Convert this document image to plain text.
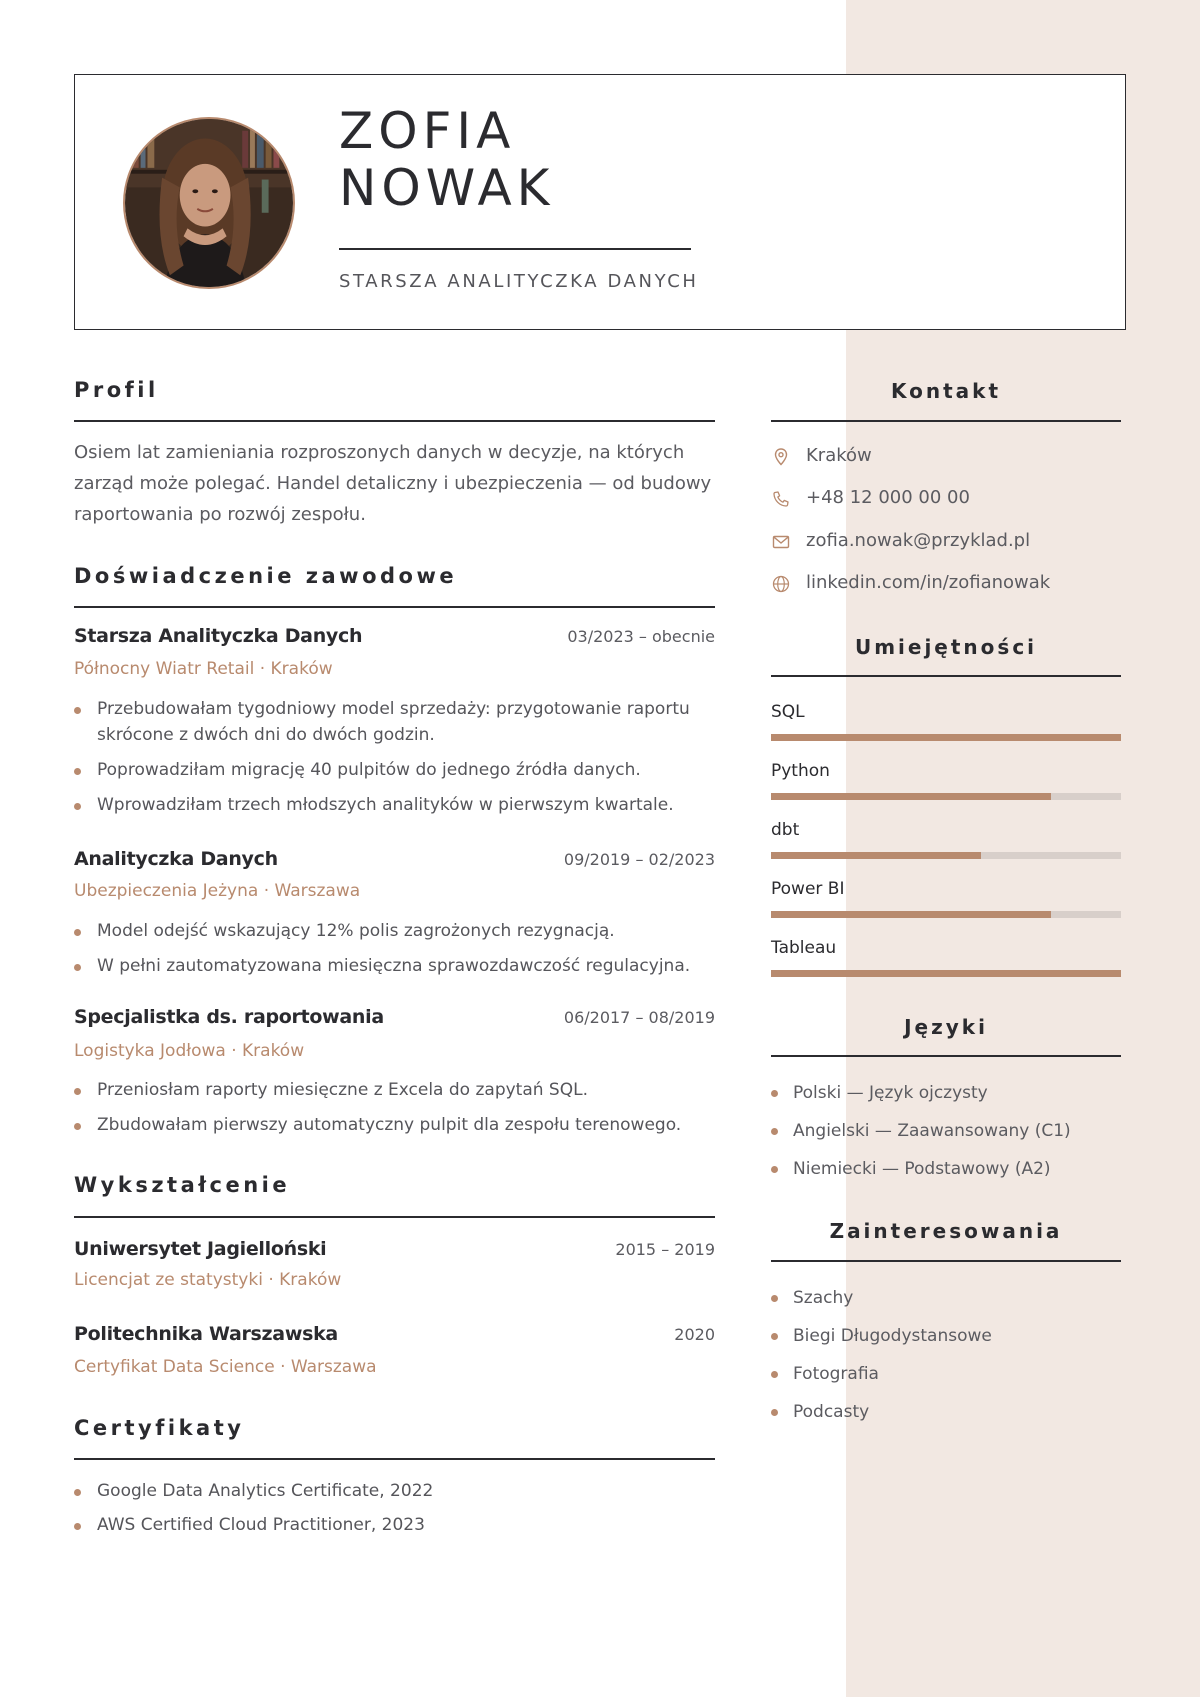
ZOFIA
NOWAK
STARSZA ANALITYCZKA DANYCH
Profil
Osiem lat zamieniania rozproszonych danych w decyzje, na których zarząd może polegać. Handel detaliczny i ubezpieczenia — od budowy raportowania po rozwój zespołu.
Doświadczenie zawodowe
Starsza Analityczka Danych	03/2023 – obecnie
Północny Wiatr Retail · Kraków
Przebudowałam tygodniowy model sprzedaży: przygotowanie raportu skrócone z dwóch dni do dwóch godzin.
Poprowadziłam migrację 40 pulpitów do jednego źródła danych.
Wprowadziłam trzech młodszych analityków w pierwszym kwartale.
Analityczka Danych	09/2019 – 02/2023
Ubezpieczenia Jeżyna · Warszawa
Model odejść wskazujący 12% polis zagrożonych rezygnacją.
W pełni zautomatyzowana miesięczna sprawozdawczość regulacyjna.
Specjalistka ds. raportowania	06/2017 – 08/2019
Logistyka Jodłowa · Kraków
Przeniosłam raporty miesięczne z Excela do zapytań SQL.
Zbudowałam pierwszy automatyczny pulpit dla zespołu terenowego.
Wykształcenie
Uniwersytet Jagielloński	2015 – 2019
Licencjat ze statystyki · Kraków
Politechnika Warszawska	2020
Certyfikat Data Science · Warszawa
Certyfikaty
Google Data Analytics Certificate, 2022
AWS Certified Cloud Practitioner, 2023
Kontakt
Kraków
+48 12 000 00 00
zofia.nowak@przyklad.pl
linkedin.com/in/zofianowak
Umiejętności
SQL
Python
dbt
Power BI
Tableau
Języki
Polski — Język ojczysty
Angielski — Zaawansowany (C1)
Niemiecki — Podstawowy (A2)
Zainteresowania
Szachy
Biegi Długodystansowe
Fotografia
Podcasty
